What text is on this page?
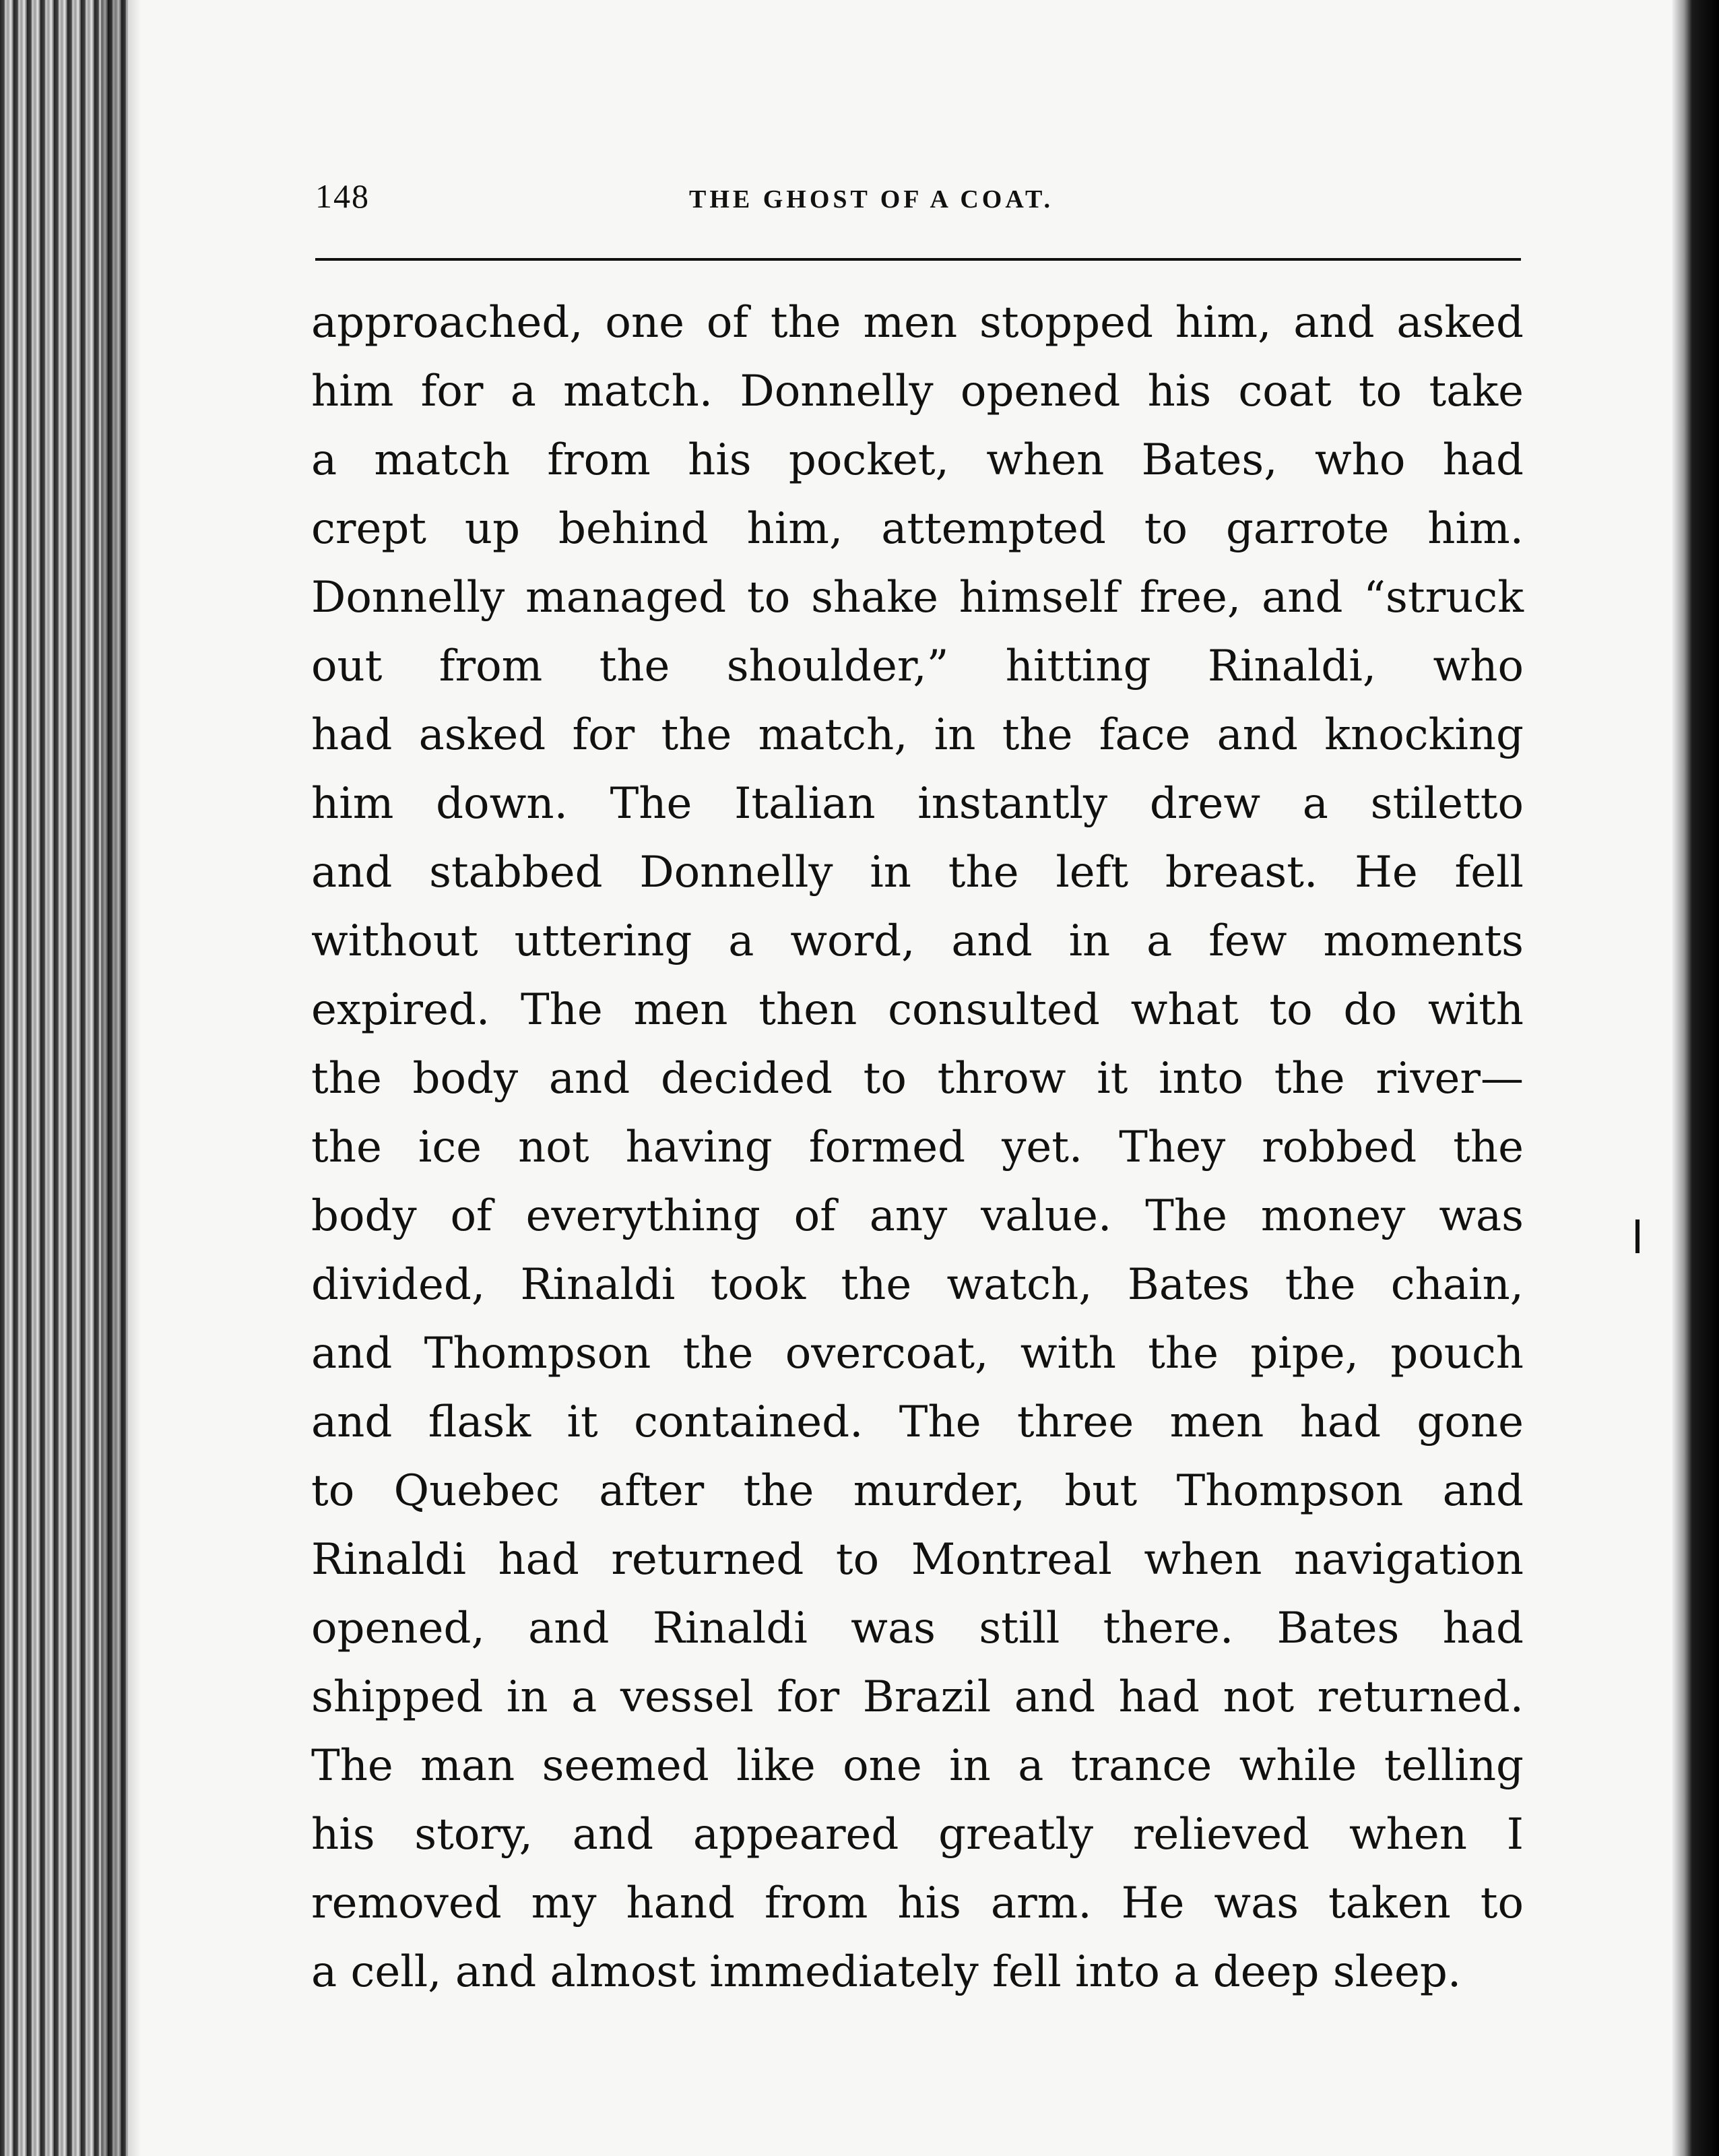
148	THE GHOST OF A COAT.
approached, one of the men stopped him, and asked
him for a match. Donnelly opened his coat to take
a match from his pocket, when Bates, who had
crept up behind him, attempted to garrote him.
Donnelly managed to shake himself free, and “struck
out from the shoulder,” hitting Rinaldi, who
had asked for the match, in the face and knocking
him down. The Italian instantly drew a stiletto
and stabbed Donnelly in the left breast. He fell
without uttering a word, and in a few moments
expired. The men then consulted what to do with
the body and decided to throw it into the river—
the ice not having formed yet. They robbed the
body of everything of any value. The money was
divided, Rinaldi took the watch, Bates the chain,
and Thompson the overcoat, with the pipe, pouch
and flask it contained. The three men had gone
to Quebec after the murder, but Thompson and
Rinaldi had returned to Montreal when navigation
opened, and Rinaldi was still there. Bates had
shipped in a vessel for Brazil and had not returned.
The man seemed like one in a trance while telling
his story, and appeared greatly relieved when I
removed my hand from his arm. He was taken to
a cell, and almost immediately fell into a deep sleep.
